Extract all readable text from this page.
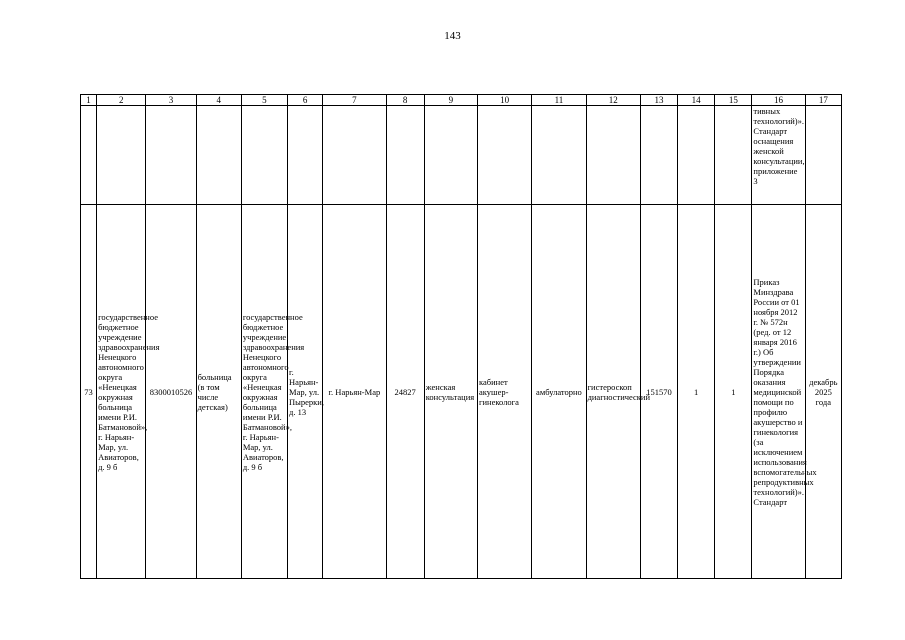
143
1	2	3	4	5	6	7	8	9	10	11	12	13	14	15	16	17
															тивных технологий)». Стандарт оснащения женской консультации, приложение 3	
73	государственное бюджетное учреждение здравоохранения Ненецкого автономного округа «Ненецкая окружная больница имени Р.И. Батмановой», г. Нарьян-Мар, ул. Авиаторов, д. 9 б	8300010526	больница (в том числе детская)	государственное бюджетное учреждение здравоохранения Ненецкого автономного округа «Ненецкая окружная больница имени Р.И. Батмановой», г. Нарьян-Мар, ул. Авиаторов, д. 9 б	г. Нарьян-Мар, ул. Пырерки, д. 13	г. Нарьян-Мар	24827	женская консультация	кабинет акушер-гинеколога	амбулаторно	гистероскоп диагностический	151570	1	1	Приказ Минздрава России от 01 ноября 2012 г. № 572н (ред. от 12 января 2016 г.) Об утверждении Порядка оказания медицинской помощи по профилю акушерство и гинекология (за исключением использования вспомогательных репродуктивных технологий)». Стандарт	декабрь 2025 года
